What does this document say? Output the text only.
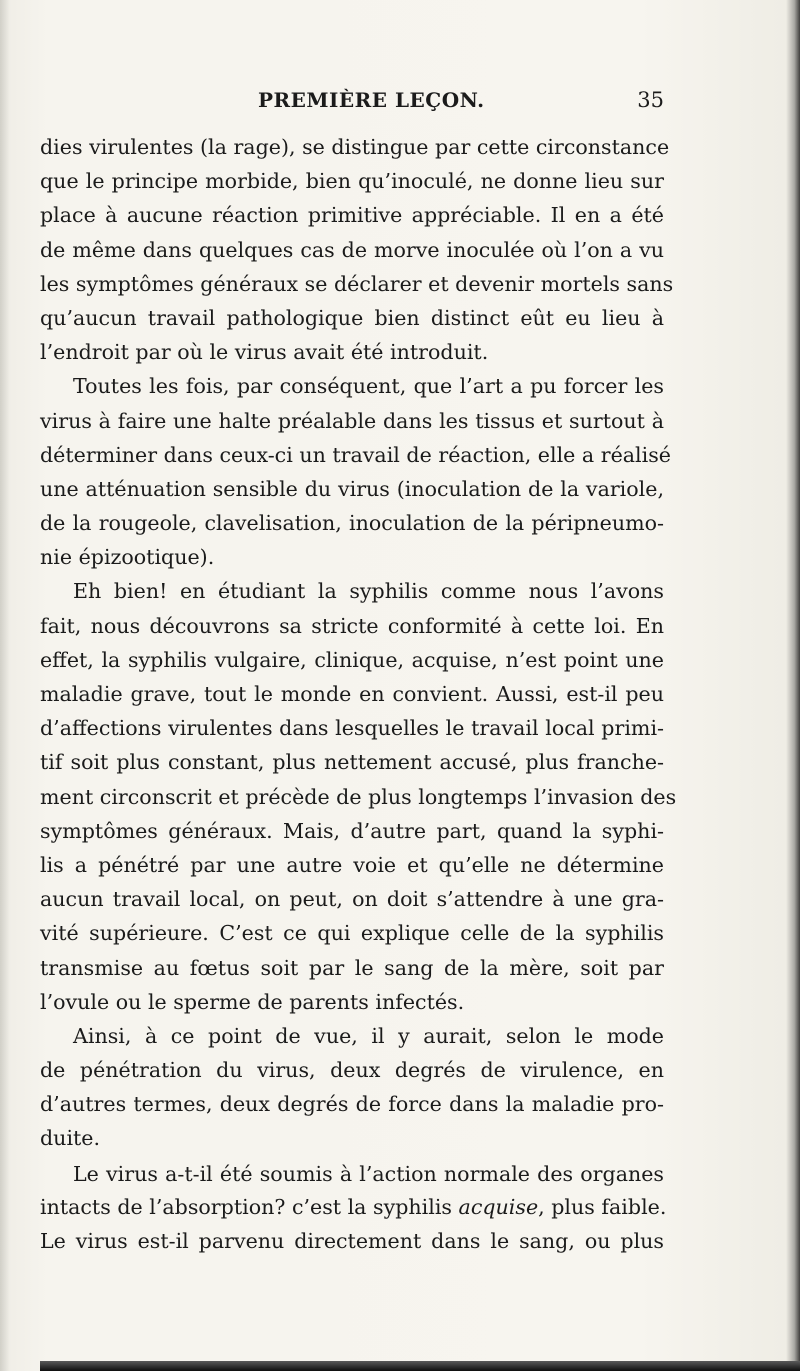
PREMIÈRE LEÇON.	35
dies virulentes (la rage), se distingue par cette circonstance
que le principe morbide, bien qu’inoculé, ne donne lieu sur
place à aucune réaction primitive appréciable. Il en a été
de même dans quelques cas de morve inoculée où l’on a vu
les symptômes généraux se déclarer et devenir mortels sans
qu’aucun travail pathologique bien distinct eût eu lieu à
l’endroit par où le virus avait été introduit.
Toutes les fois, par conséquent, que l’art a pu forcer les
virus à faire une halte préalable dans les tissus et surtout à
déterminer dans ceux-ci un travail de réaction, elle a réalisé
une atténuation sensible du virus (inoculation de la variole,
de la rougeole, clavelisation, inoculation de la péripneumo-
nie épizootique).
Eh bien! en étudiant la syphilis comme nous l’avons
fait, nous découvrons sa stricte conformité à cette loi. En
effet, la syphilis vulgaire, clinique, acquise, n’est point une
maladie grave, tout le monde en convient. Aussi, est-il peu
d’affections virulentes dans lesquelles le travail local primi-
tif soit plus constant, plus nettement accusé, plus franche-
ment circonscrit et précède de plus longtemps l’invasion des
symptômes généraux. Mais, d’autre part, quand la syphi-
lis a pénétré par une autre voie et qu’elle ne détermine
aucun travail local, on peut, on doit s’attendre à une gra-
vité supérieure. C’est ce qui explique celle de la syphilis
transmise au fœtus soit par le sang de la mère, soit par
l’ovule ou le sperme de parents infectés.
Ainsi, à ce point de vue, il y aurait, selon le mode
de pénétration du virus, deux degrés de virulence, en
d’autres termes, deux degrés de force dans la maladie pro-
duite.
Le virus a-t-il été soumis à l’action normale des organes
intacts de l’absorption? c’est la syphilis acquise, plus faible.
Le virus est-il parvenu directement dans le sang, ou plus
